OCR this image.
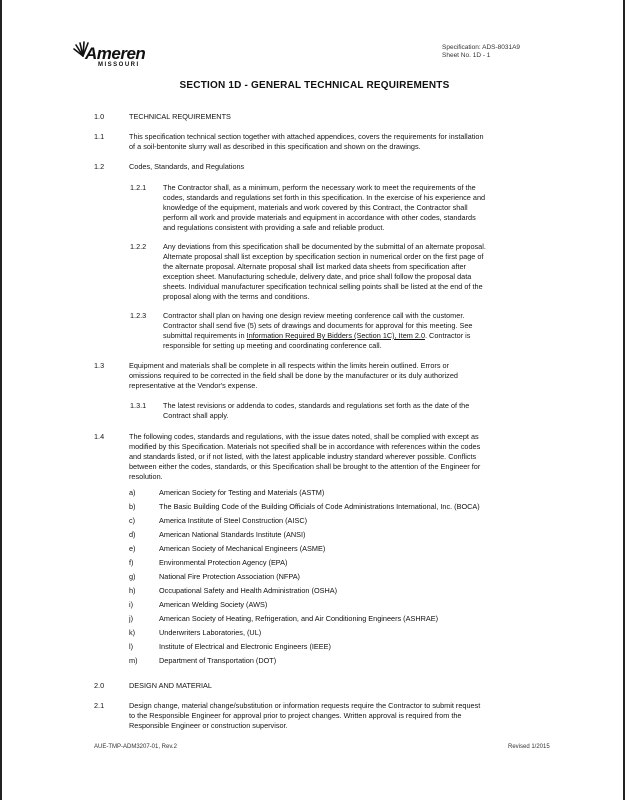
Ameren
MISSOURI
Specification: ADS-8031A9
Sheet No. 1D - 1
SECTION 1D - GENERAL TECHNICAL REQUIREMENTS
1.0	TECHNICAL REQUIREMENTS
1.1	This specification technical section together with attached appendices, covers the requirements for installation
of a soil-bentonite slurry wall as described in this specification and shown on the drawings.
1.2	Codes, Standards, and Regulations
1.2.1 The Contractor shall, as a minimum, perform the necessary work to meet the requirements of the
codes, standards and regulations set forth in this specification. In the exercise of his experience and
knowledge of the equipment, materials and work covered by this Contract, the Contractor shall
perform all work and provide materials and equipment in accordance with other codes, standards
and regulations consistent with providing a safe and reliable product.
1.2.2 Any deviations from this specification shall be documented by the submittal of an alternate proposal.
Alternate proposal shall list exception by specification section in numerical order on the first page of
the alternate proposal. Alternate proposal shall list marked data sheets from specification after
exception sheet. Manufacturing schedule, delivery date, and price shall follow the proposal data
sheets. Individual manufacturer specification technical selling points shall be listed at the end of the
proposal along with the terms and conditions.
1.2.3 Contractor shall plan on having one design review meeting conference call with the customer.
Contractor shall send five (5) sets of drawings and documents for approval for this meeting. See
submittal requirements in Information Required By Bidders (Section 1C), Item 2.0. Contractor is
responsible for setting up meeting and coordinating conference call.
1.3	Equipment and materials shall be complete in all respects within the limits herein outlined. Errors or
omissions required to be corrected in the field shall be done by the manufacturer or its duly authorized
representative at the Vendor's expense.
1.3.1 The latest revisions or addenda to codes, standards and regulations set forth as the date of the
Contract shall apply.
1.4	The following codes, standards and regulations, with the issue dates noted, shall be complied with except as
modified by this Specification. Materials not specified shall be in accordance with references within the codes
and standards listed, or if not listed, with the latest applicable industry standard wherever possible. Conflicts
between either the codes, standards, or this Specification shall be brought to the attention of the Engineer for
resolution.
a)	American Society for Testing and Materials (ASTM)
b)	The Basic Building Code of the Building Officials of Code Administrations International, Inc. (BOCA)
c)	America Institute of Steel Construction (AISC)
d)	American National Standards Institute (ANSI)
e)	American Society of Mechanical Engineers (ASME)
f)	Environmental Protection Agency (EPA)
g)	National Fire Protection Association (NFPA)
h)	Occupational Safety and Health Administration (OSHA)
i)	American Welding Society (AWS)
j)	American Society of Heating, Refrigeration, and Air Conditioning Engineers (ASHRAE)
k)	Underwriters Laboratories, (UL)
l)	Institute of Electrical and Electronic Engineers (IEEE)
m)	Department of Transportation (DOT)
2.0	DESIGN AND MATERIAL
2.1	Design change, material change/substitution or information requests require the Contractor to submit request
to the Responsible Engineer for approval prior to project changes. Written approval is required from the
Responsible Engineer or construction supervisor.
AUE-TMP-ADM3207-01, Rev.2	Revised 1/2015
